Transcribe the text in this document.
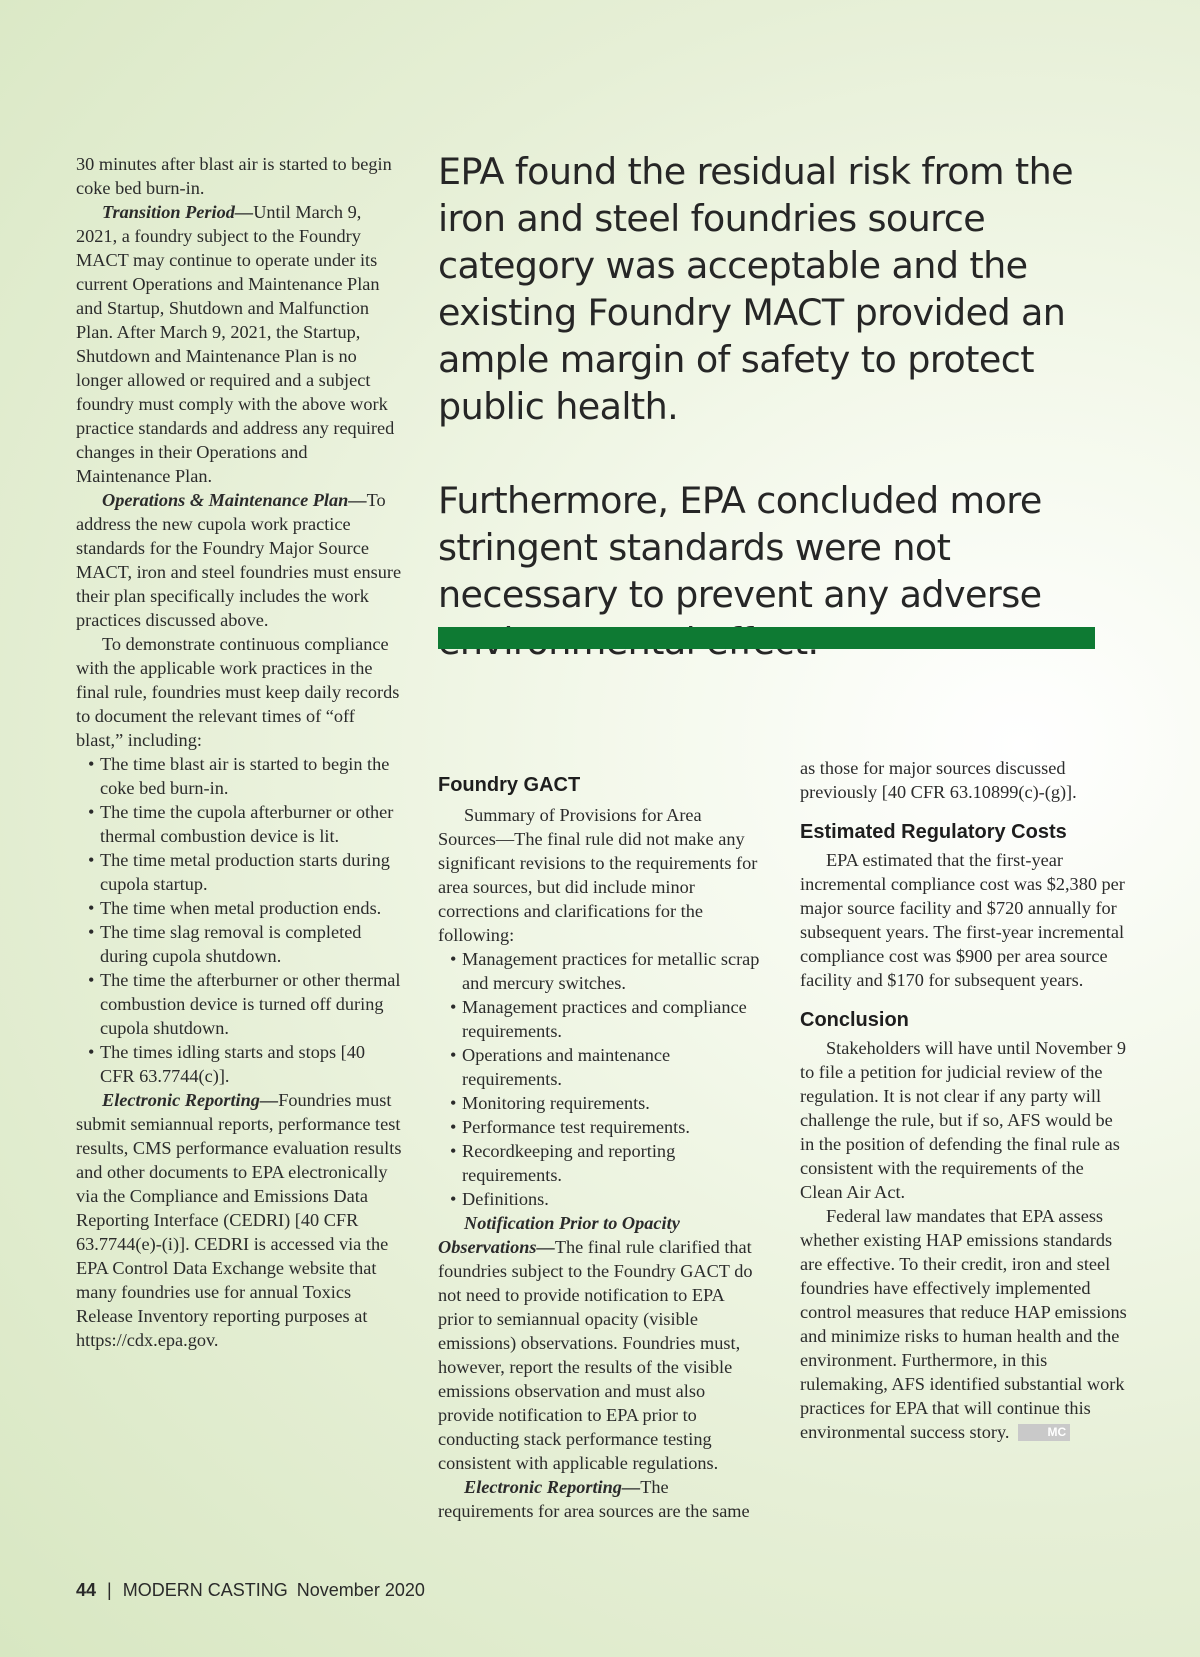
30 minutes after blast air is started to begin coke bed burn-in.

Transition Period—Until March 9, 2021, a foundry subject to the Foundry MACT may continue to operate under its current Operations and Maintenance Plan and Startup, Shutdown and Malfunction Plan. After March 9, 2021, the Startup, Shutdown and Maintenance Plan is no longer allowed or required and a subject foundry must comply with the above work practice standards and address any required changes in their Operations and Maintenance Plan.

Operations & Maintenance Plan—To address the new cupola work practice standards for the Foundry Major Source MACT, iron and steel foundries must ensure their plan specifically includes the work practices discussed above.

To demonstrate continuous compliance with the applicable work practices in the final rule, foundries must keep daily records to document the relevant times of “off blast,” including:

• The time blast air is started to begin the coke bed burn-in.
• The time the cupola afterburner or other thermal combustion device is lit.
• The time metal production starts during cupola startup.
• The time when metal production ends.
• The time slag removal is completed during cupola shutdown.
• The time the afterburner or other thermal combustion device is turned off during cupola shutdown.
• The times idling starts and stops [40 CFR 63.7744(c)].

Electronic Reporting—Foundries must submit semiannual reports, performance test results, CMS performance evaluation results and other documents to EPA electronically via the Compliance and Emissions Data Reporting Interface (CEDRI) [40 CFR 63.7744(e)-(i)]. CEDRI is accessed via the EPA Control Data Exchange website that many foundries use for annual Toxics Release Inventory reporting purposes at https://cdx.epa.gov.

EPA found the residual risk from the iron and steel foundries source category was acceptable and the existing Foundry MACT provided an ample margin of safety to protect public health.

Furthermore, EPA concluded more stringent standards were not necessary to prevent any adverse

Foundry GACT

Summary of Provisions for Area Sources—The final rule did not make any significant revisions to the requirements for area sources, but did include minor corrections and clarifications for the following:

• Management practices for metallic scrap and mercury switches.
• Management practices and compliance requirements.
• Operations and maintenance requirements.
• Monitoring requirements.
• Performance test requirements.
• Recordkeeping and reporting requirements.
• Definitions.

Notification Prior to Opacity Observations—The final rule clarified that foundries subject to the Foundry GACT do not need to provide notification to EPA prior to semiannual opacity (visible emissions) observations. Foundries must, however, report the results of the visible emissions observation and must also provide notification to EPA prior to conducting stack performance testing consistent with applicable regulations.

Electronic Reporting—The requirements for area sources are the same

as those for major sources discussed previously [40 CFR 63.10899(c)-(g)].

Estimated Regulatory Costs

EPA estimated that the first-year incremental compliance cost was $2,380 per major source facility and $720 annually for subsequent years. The first-year incremental compliance cost was $900 per area source facility and $170 for subsequent years.

Conclusion

Stakeholders will have until November 9 to file a petition for judicial review of the regulation. It is not clear if any party will challenge the rule, but if so, AFS would be in the position of defending the final rule as consistent with the requirements of the Clean Air Act.

Federal law mandates that EPA assess whether existing HAP emissions standards are effective. To their credit, iron and steel foundries have effectively implemented control measures that reduce HAP emissions and minimize risks to human health and the environment. Furthermore, in this rulemaking, AFS identified substantial work practices for EPA that will continue this environmental success story.	MC

44 | MODERN CASTING November 2020
